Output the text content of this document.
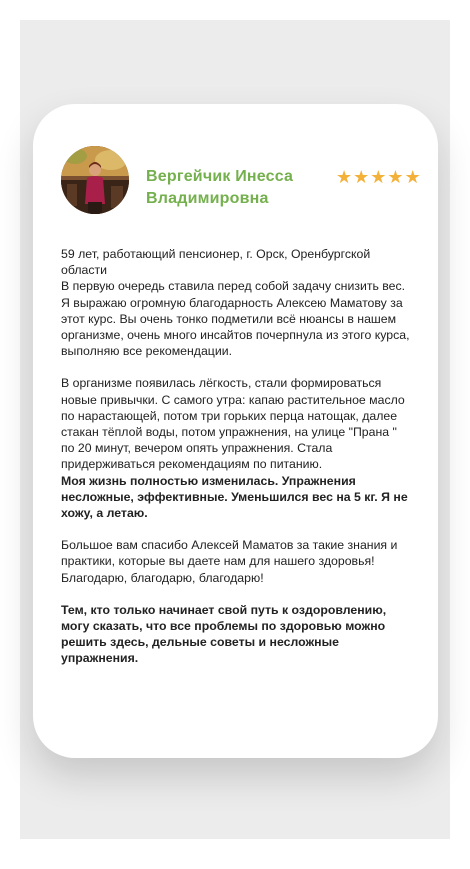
Вергейчик Инесса Владимировна
★ ★ ★ ★ ★

59 лет, работающий пенсионер, г. Орск, Оренбургской области

В первую очередь ставила перед собой задачу снизить вес.

Я выражаю огромную благодарность Алексею Маматову за этот курс. Вы очень тонко подметили всё нюансы в нашем организме, очень много инсайтов почерпнула из этого курса, выполняю все рекомендации.

В организме появилась лёгкость, стали формироваться новые привычки. С самого утра: капаю растительное масло по нарастающей, потом три горьких перца натощак, далее стакан тёплой воды, потом упражнения, на улице "Прана " по 20 минут, вечером опять упражнения. Стала придерживаться рекомендациям по питанию.

Моя жизнь полностью изменилась. Упражнения несложные, эффективные. Уменьшился вес на 5 кг. Я не хожу, а летаю.

Большое вам спасибо Алексей Маматов за такие знания и практики, которые вы даете нам для нашего здоровья! Благодарю, благодарю, благодарю!

Тем, кто только начинает свой путь к оздоровлению, могу сказать, что все проблемы по здоровью можно решить здесь, дельные советы и несложные упражнения.
